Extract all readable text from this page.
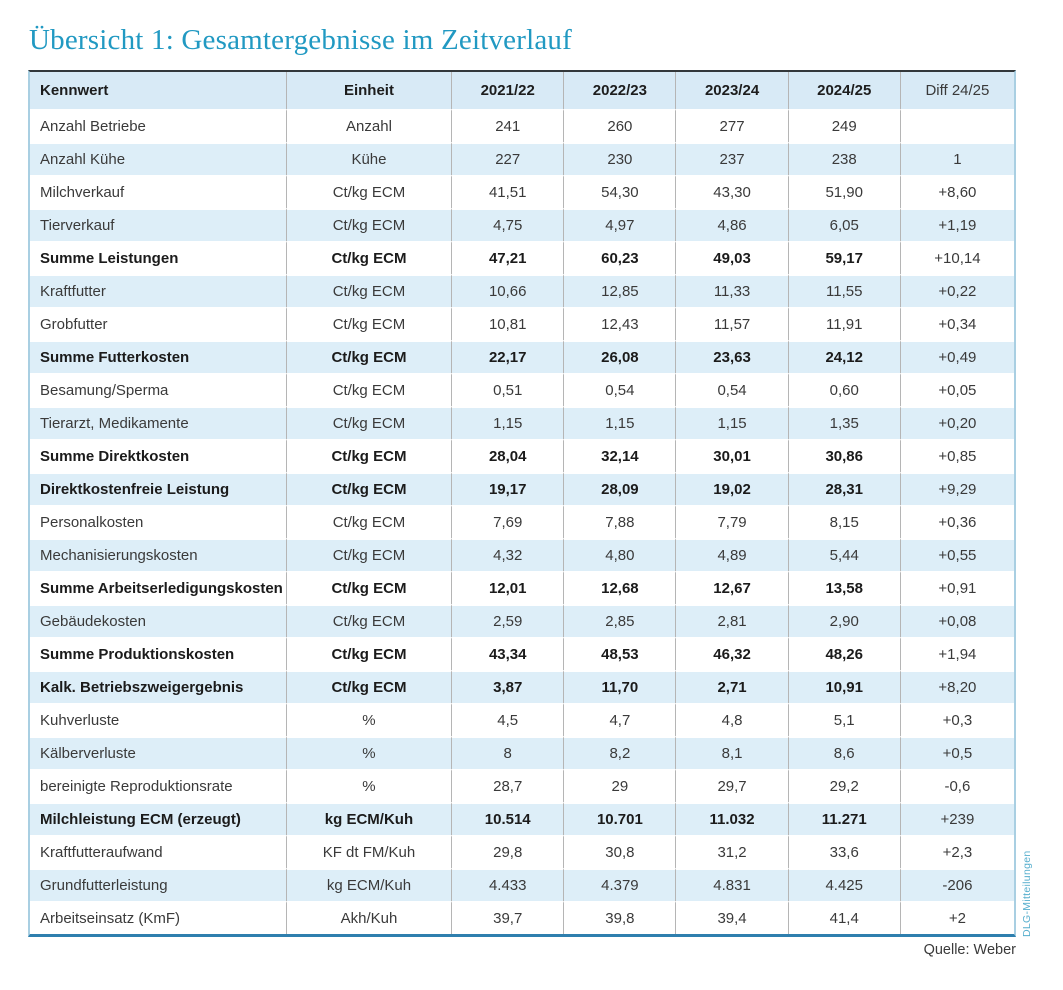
Übersicht 1: Gesamtergebnisse im Zeitverlauf
Kennwert	Einheit	2021/22	2022/23	2023/24	2024/25	Diff 24/25
Anzahl Betriebe	Anzahl	241	260	277	249	
Anzahl Kühe	Kühe	227	230	237	238	1
Milchverkauf	Ct/kg ECM	41,51	54,30	43,30	51,90	+8,60
Tierverkauf	Ct/kg ECM	4,75	4,97	4,86	6,05	+1,19
Summe Leistungen	Ct/kg ECM	47,21	60,23	49,03	59,17	+10,14
Kraftfutter	Ct/kg ECM	10,66	12,85	11,33	11,55	+0,22
Grobfutter	Ct/kg ECM	10,81	12,43	11,57	11,91	+0,34
Summe Futterkosten	Ct/kg ECM	22,17	26,08	23,63	24,12	+0,49
Besamung/Sperma	Ct/kg ECM	0,51	0,54	0,54	0,60	+0,05
Tierarzt, Medikamente	Ct/kg ECM	1,15	1,15	1,15	1,35	+0,20
Summe Direktkosten	Ct/kg ECM	28,04	32,14	30,01	30,86	+0,85
Direktkostenfreie Leistung	Ct/kg ECM	19,17	28,09	19,02	28,31	+9,29
Personalkosten	Ct/kg ECM	7,69	7,88	7,79	8,15	+0,36
Mechanisierungskosten	Ct/kg ECM	4,32	4,80	4,89	5,44	+0,55
Summe Arbeitserledigungskosten	Ct/kg ECM	12,01	12,68	12,67	13,58	+0,91
Gebäudekosten	Ct/kg ECM	2,59	2,85	2,81	2,90	+0,08
Summe Produktionskosten	Ct/kg ECM	43,34	48,53	46,32	48,26	+1,94
Kalk. Betriebszweigergebnis	Ct/kg ECM	3,87	11,70	2,71	10,91	+8,20
Kuhverluste	%	4,5	4,7	4,8	5,1	+0,3
Kälberverluste	%	8	8,2	8,1	8,6	+0,5
bereinigte Reproduktionsrate	%	28,7	29	29,7	29,2	-0,6
Milchleistung ECM (erzeugt)	kg ECM/Kuh	10.514	10.701	11.032	11.271	+239
Kraftfutteraufwand	KF dt FM/Kuh	29,8	30,8	31,2	33,6	+2,3
Grundfutterleistung	kg ECM/Kuh	4.433	4.379	4.831	4.425	-206
Arbeitseinsatz (KmF)	Akh/Kuh	39,7	39,8	39,4	41,4	+2
Quelle: Weber
DLG-Mitteilungen
